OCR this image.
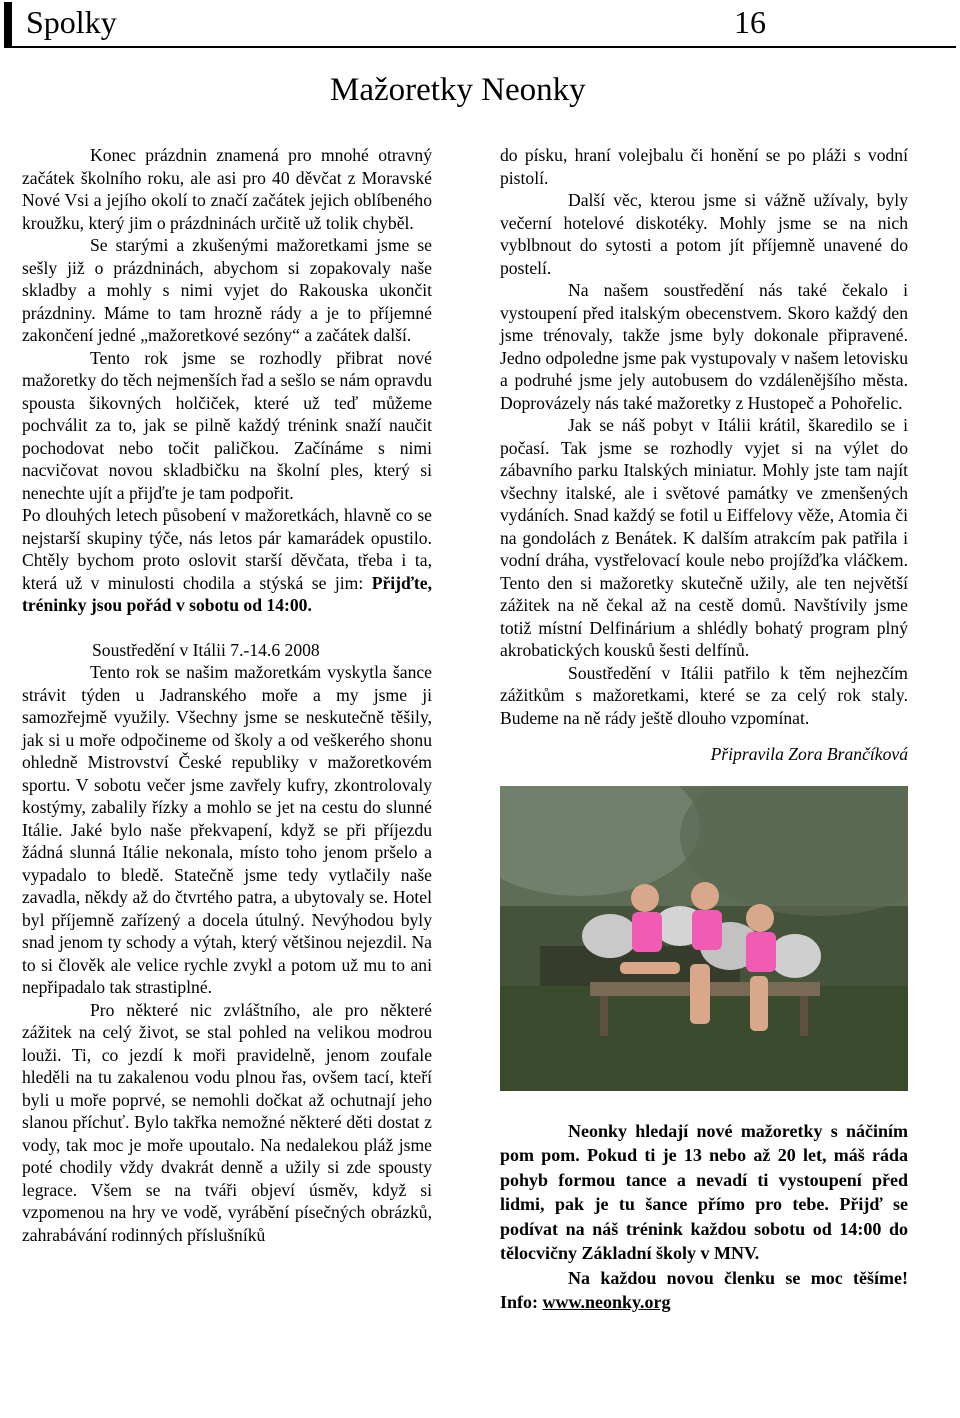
Spolky	16
Mažoretky Neonky

Konec prázdnin znamená pro mnohé otravný začátek školního roku, ale asi pro 40 děvčat z Moravské Nové Vsi a jejího okolí to značí začátek jejich oblíbeného kroužku, který jim o prázdninách určitě už tolik chyběl.

Se starými a zkušenými mažoretkami jsme se sešly již o prázdninách, abychom si zopakovaly naše skladby a mohly s nimi vyjet do Rakouska ukončit prázdniny. Máme to tam hrozně rády a je to příjemné zakončení jedné „mažoretkové sezóny“ a začátek další.

Tento rok jsme se rozhodly přibrat nové mažoretky do těch nejmenších řad a sešlo se nám opravdu spousta šikovných holčiček, které už teď můžeme pochválit za to, jak se pilně každý trénink snaží naučit pochodovat nebo točit paličkou. Začínáme s nimi nacvičovat novou skladbičku na školní ples, který si nenechte ujít a přijďte je tam podpořit.

Po dlouhých letech působení v mažoretkách, hlavně co se nejstarší skupiny týče, nás letos pár kamarádek opustilo. Chtěly bychom proto oslovit starší děvčata, třeba i ta, která už v minulosti chodila a stýská se jim: Přijďte, tréninky jsou pořád v sobotu od 14:00.

Soustředění v Itálii 7.-14.6 2008

Tento rok se našim mažoretkám vyskytla šance strávit týden u Jadranského moře a my jsme ji samozřejmě využily. Všechny jsme se neskutečně těšily, jak si u moře odpočineme od školy a od veškerého shonu ohledně Mistrovství České republiky v mažoretkovém sportu. V sobotu večer jsme zavřely kufry, zkontrolovaly kostýmy, zabalily řízky a mohlo se jet na cestu do slunné Itálie. Jaké bylo naše překvapení, když se při příjezdu žádná slunná Itálie nekonala, místo toho jenom pršelo a vypadalo to bledě. Statečně jsme tedy vytlačily naše zavadla, někdy až do čtvrtého patra, a ubytovaly se. Hotel byl příjemně zařízený a docela útulný. Nevýhodou byly snad jenom ty schody a výtah, který většinou nejezdil. Na to si člověk ale velice rychle zvykl a potom už mu to ani nepřipadalo tak strastiplné.

Pro některé nic zvláštního, ale pro některé zážitek na celý život, se stal pohled na velikou modrou louži. Ti, co jezdí k moři pravidelně, jenom zoufale hleděli na tu zakalenou vodu plnou řas, ovšem tací, kteří byli u moře poprvé, se nemohli dočkat až ochutnají jeho slanou příchuť. Bylo takřka nemožné některé děti dostat z vody, tak moc je moře upoutalo. Na nedalekou pláž jsme poté chodily vždy dvakrát denně a užily si zde spousty legrace. Všem se na tváři objeví úsměv, když si vzpomenou na hry ve vodě, vyrábění písečných obrázků, zahrabávání rodinných příslušníků

do písku, hraní volejbalu či honění se po pláži s vodní pistolí.

Další věc, kterou jsme si vážně užívaly, byly večerní hotelové diskotéky. Mohly jsme se na nich vyblbnout do sytosti a potom jít příjemně unavené do postelí.

Na našem soustředění nás také čekalo i vystoupení před italským obecenstvem. Skoro každý den jsme trénovaly, takže jsme byly dokonale připravené. Jedno odpoledne jsme pak vystupovaly v našem letovisku a podruhé jsme jely autobusem do vzdálenějšího města. Doprovázely nás také mažoretky z Hustopeč a Pohořelic.

Jak se náš pobyt v Itálii krátil, škaredilo se i počasí. Tak jsme se rozhodly vyjet si na výlet do zábavního parku Italských miniatur. Mohly jste tam najít všechny italské, ale i světové památky ve zmenšených vydáních. Snad každý se fotil u Eiffelovy věže, Atomia či na gondolách z Benátek. K dalším atrakcím pak patřila i vodní dráha, vystřelovací koule nebo projížďka vláčkem. Tento den si mažoretky skutečně užily, ale ten největší zážitek na ně čekal až na cestě domů. Navštívily jsme totiž místní Delfinárium a shlédly bohatý program plný akrobatických kousků šesti delfínů.

Soustředění v Itálii patřilo k těm nejhezčím zážitkům s mažoretkami, které se za celý rok staly. Budeme na ně rády ještě dlouho vzpomínat.

Připravila Zora Brančíková

Neonky hledají nové mažoretky s náčiním pom pom. Pokud ti je 13 nebo až 20 let, máš ráda pohyb formou tance a nevadí ti vystoupení před lidmi, pak je tu šance přímo pro tebe. Přijď se podívat na náš trénink každou sobotu od 14:00 do tělocvičny Základní školy v MNV.

Na každou novou členku se moc těšíme! Info: www.neonky.org
